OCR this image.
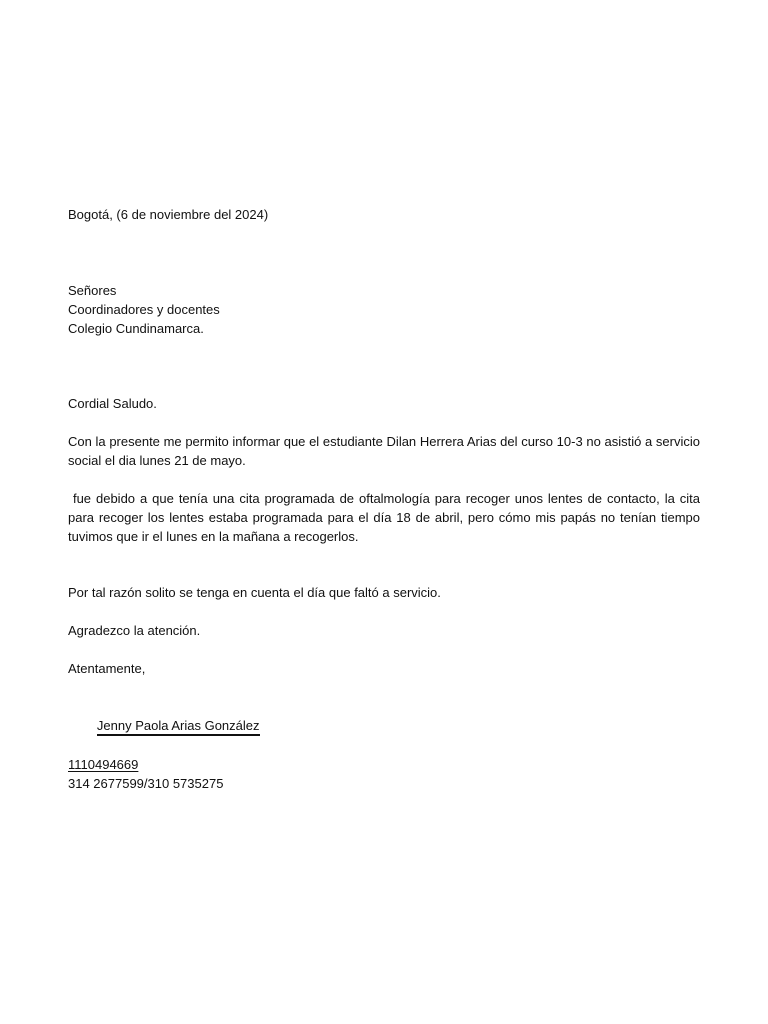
Bogotá, (6 de noviembre del 2024)
Señores
Coordinadores y docentes
Colegio Cundinamarca.
Cordial Saludo.

Con la presente me permito informar que el estudiante Dilan Herrera Arias del curso 10-3 no asistió a servicio social el dia lunes 21 de mayo.

fue debido a que tenía una cita programada de oftalmología para recoger unos lentes de contacto, la cita para recoger los lentes estaba programada para el día 18 de abril, pero cómo mis papás no tenían tiempo tuvimos que ir el lunes en la mañana a recogerlos.

Por tal razón solito se tenga en cuenta el día que faltó a servicio.
Agradezco la atención.
Atentamente,

Jenny Paola Arias González

1110494669
314 2677599/310 5735275
